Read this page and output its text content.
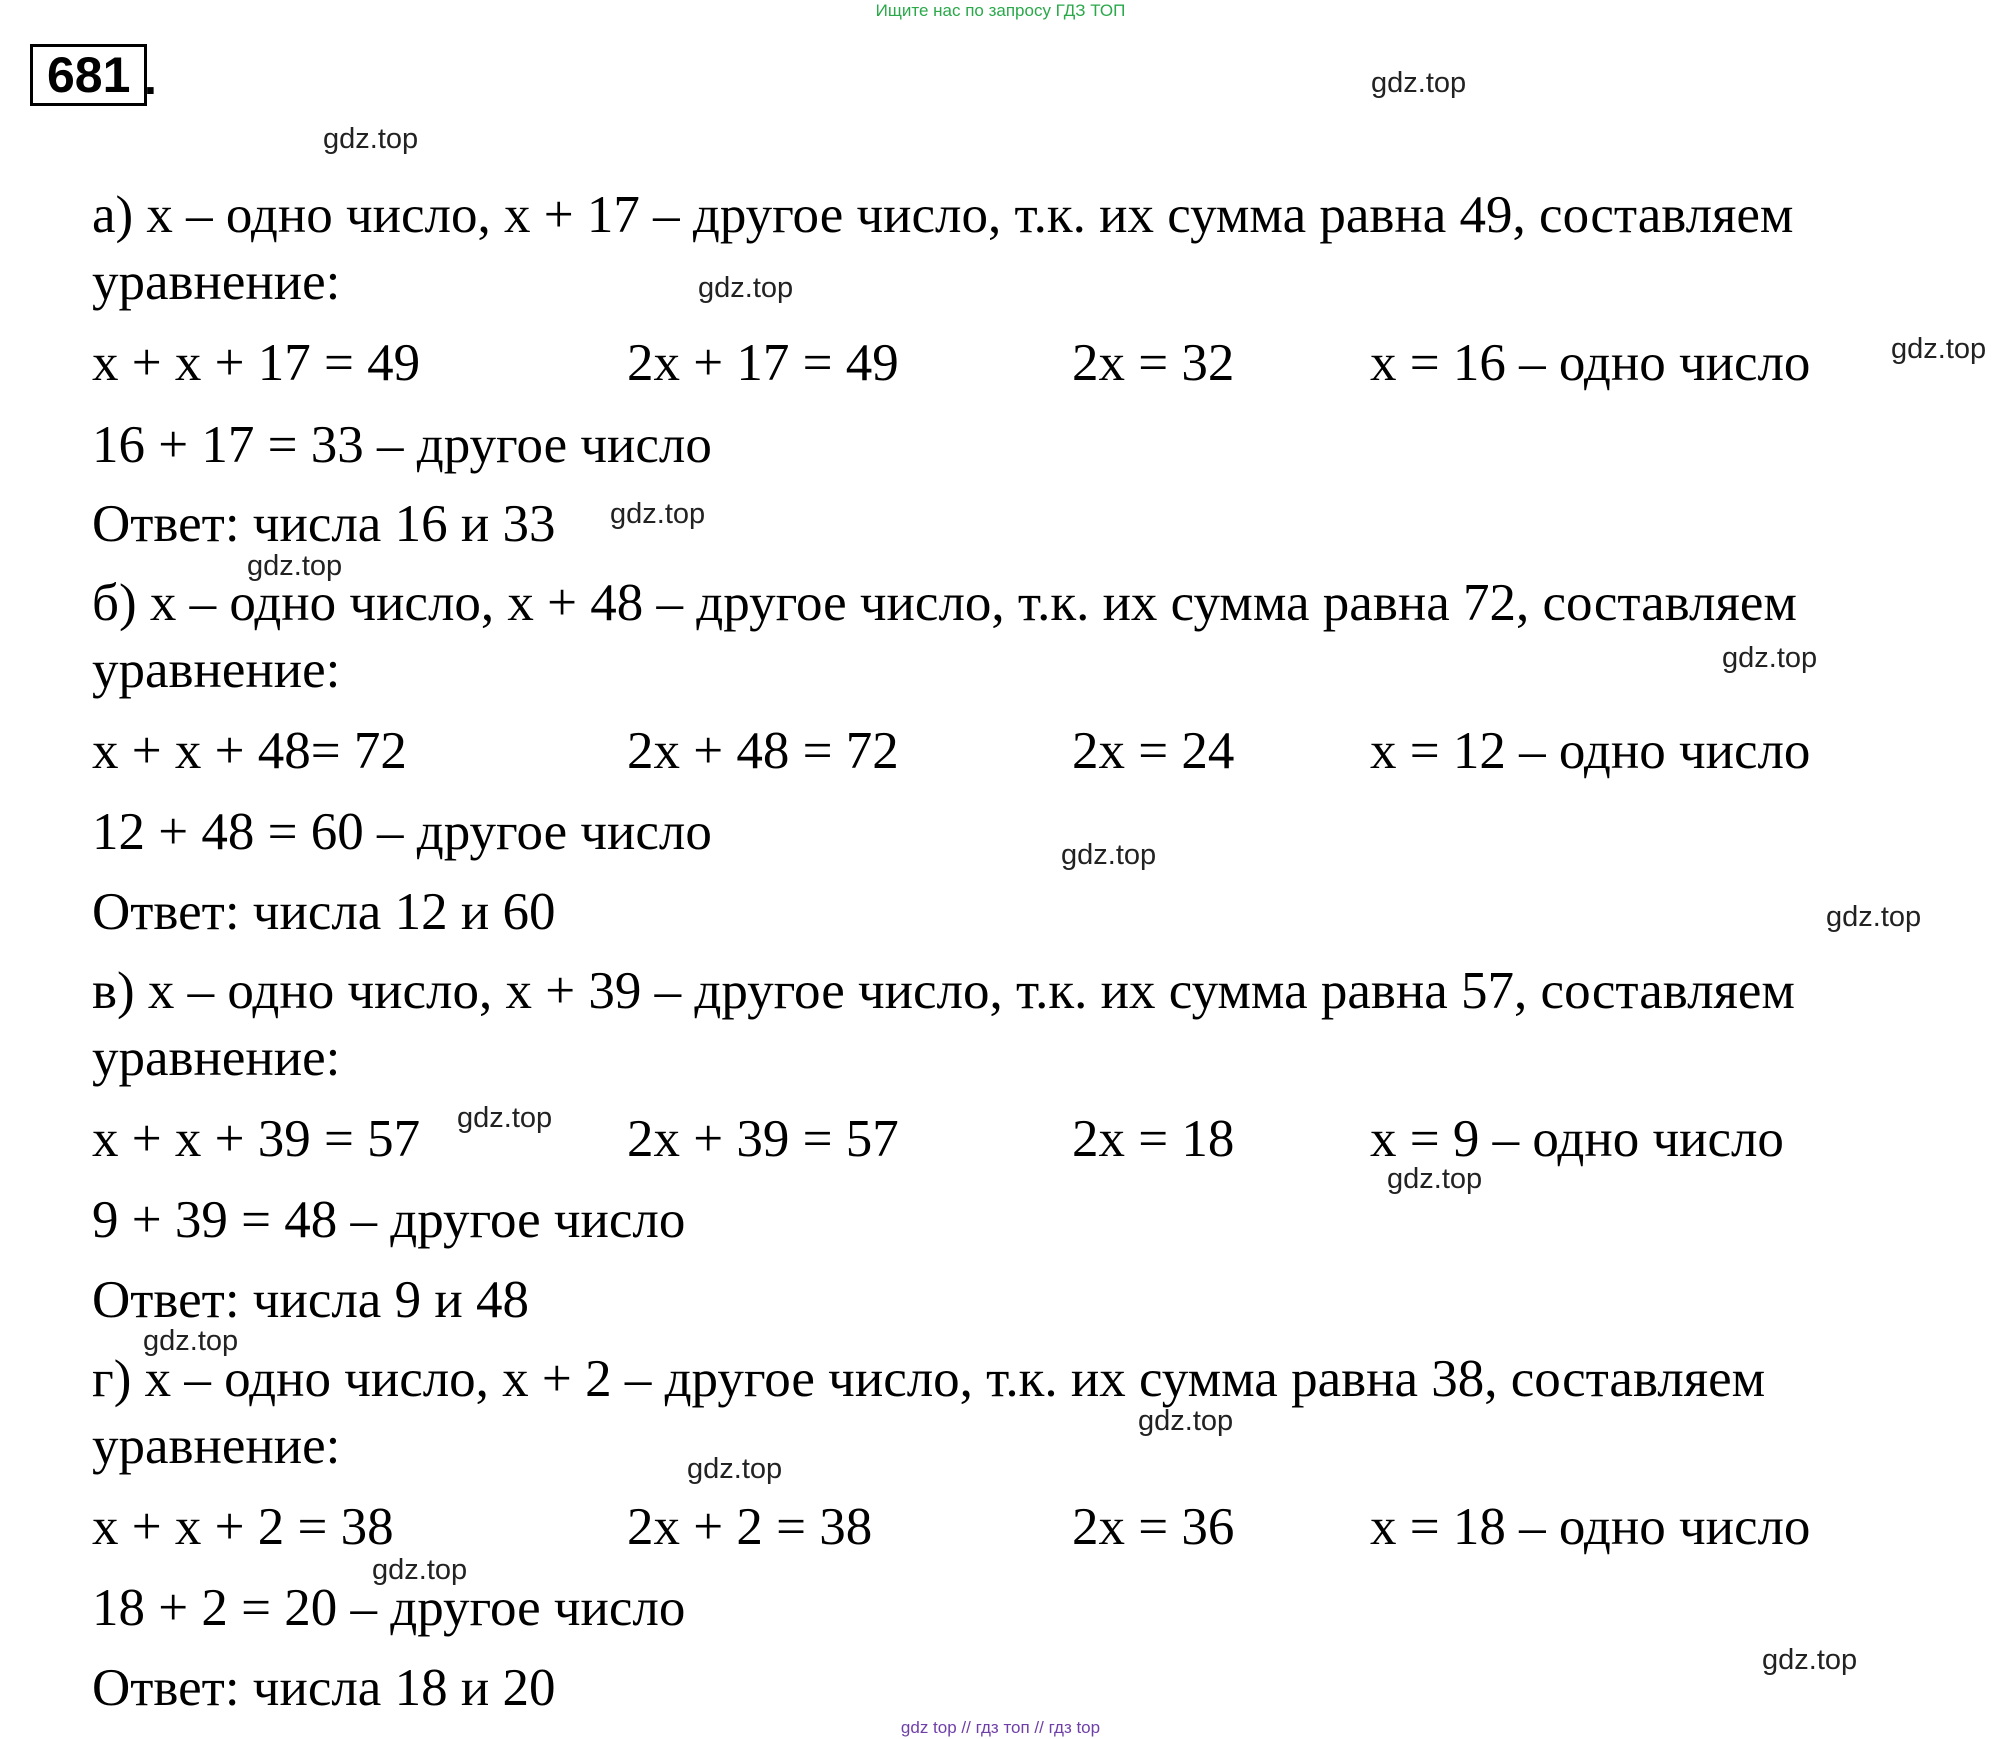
Ищите нас по запросу ГДЗ ТОП
681 .
а) х – одно число, х + 17 – другое число, т.к. их сумма равна 49, составляем
уравнение:
х + х + 17 = 49	2х + 17 = 49	2х = 32	х = 16 – одно число
16 + 17 = 33 – другое число
Ответ: числа 16 и 33
б) х – одно число, х + 48 – другое число, т.к. их сумма равна 72, составляем
уравнение:
х + х + 48= 72	2х + 48 = 72	2х = 24	х = 12 – одно число
12 + 48 = 60 – другое число
Ответ: числа 12 и 60
в) х – одно число, х + 39 – другое число, т.к. их сумма равна 57, составляем
уравнение:
х + х + 39 = 57	2х + 39 = 57	2х = 18	х = 9 – одно число
9 + 39 = 48 – другое число
Ответ: числа 9 и 48
г) х – одно число, х + 2 – другое число, т.к. их сумма равна 38, составляем
уравнение:
х + х + 2 = 38	2х + 2 = 38	2х = 36	х = 18 – одно число
18 + 2 = 20 – другое число
Ответ: числа 18 и 20
gdz.top
gdz.top
gdz.top
gdz.top
gdz.top
gdz.top
gdz.top
gdz.top
gdz.top
gdz.top
gdz.top
gdz.top
gdz.top
gdz.top
gdz.top
gdz.top
gdz top // гдз топ // гдз top
